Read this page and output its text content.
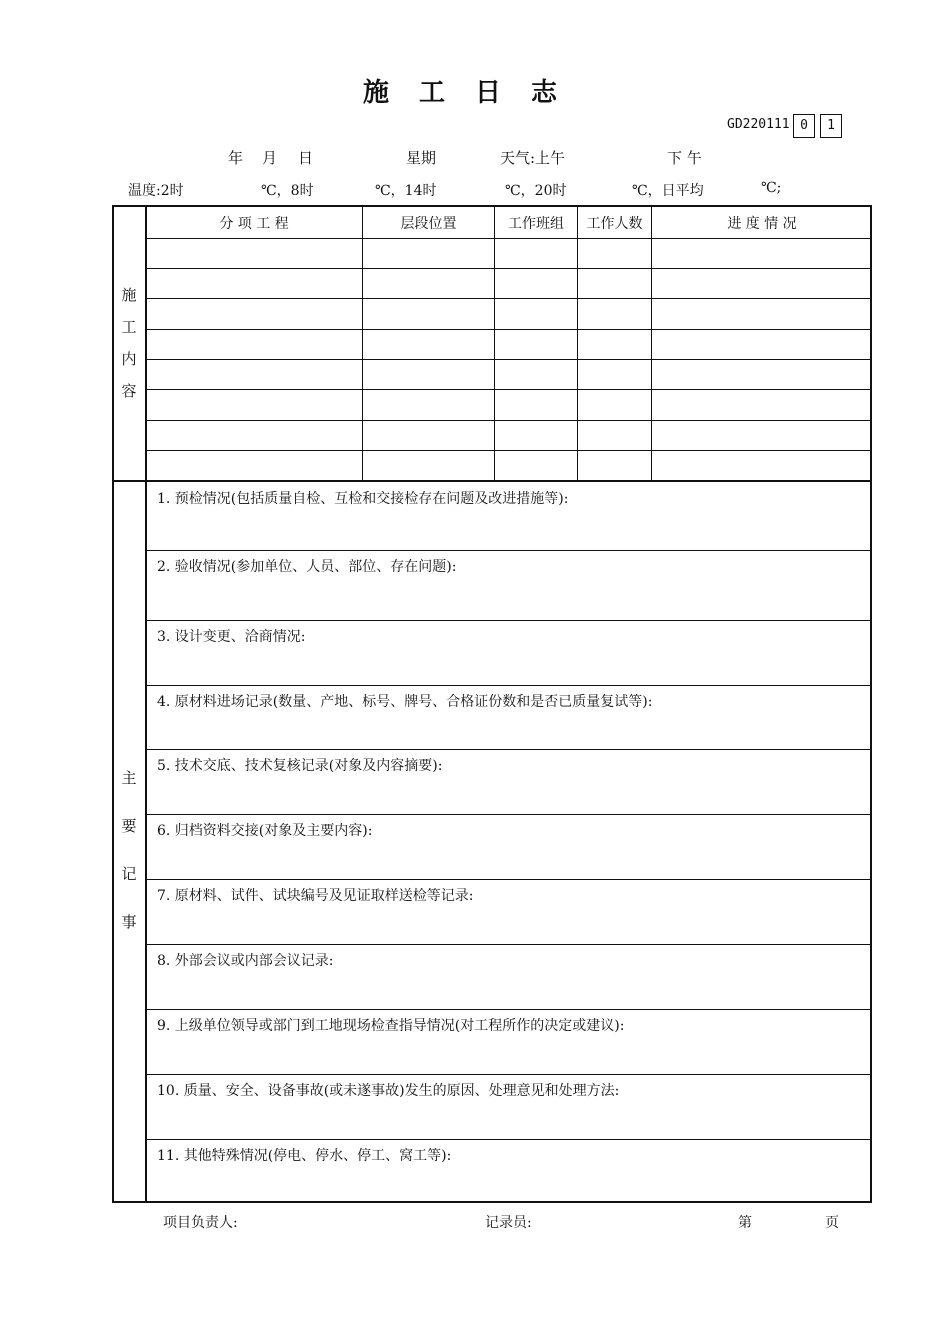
施工日志
GD220111 0	1
年 月 日	星期	天气:上午	下 午
温度:2时	℃，8时	℃，14时	℃，20时	℃，日平均	℃;
分 项 工 程	层段位置	工作班组	工作人数	进 度 情 况
施
工
内
容
主
要
记
事
1. 预检情况(包括质量自检、互检和交接检存在问题及改进措施等):
2. 验收情况(参加单位、人员、部位、存在问题):
3. 设计变更、洽商情况:
4. 原材料进场记录(数量、产地、标号、牌号、合格证份数和是否已质量复试等):
5. 技术交底、技术复核记录(对象及内容摘要):
6. 归档资料交接(对象及主要内容):
7. 原材料、试件、试块编号及见证取样送检等记录:
8. 外部会议或内部会议记录:
9. 上级单位领导或部门到工地现场检查指导情况(对工程所作的决定或建议):
10. 质量、安全、设备事故(或未遂事故)发生的原因、处理意见和处理方法:
11. 其他特殊情况(停电、停水、停工、窝工等):
项目负责人:	记录员:	第	页
